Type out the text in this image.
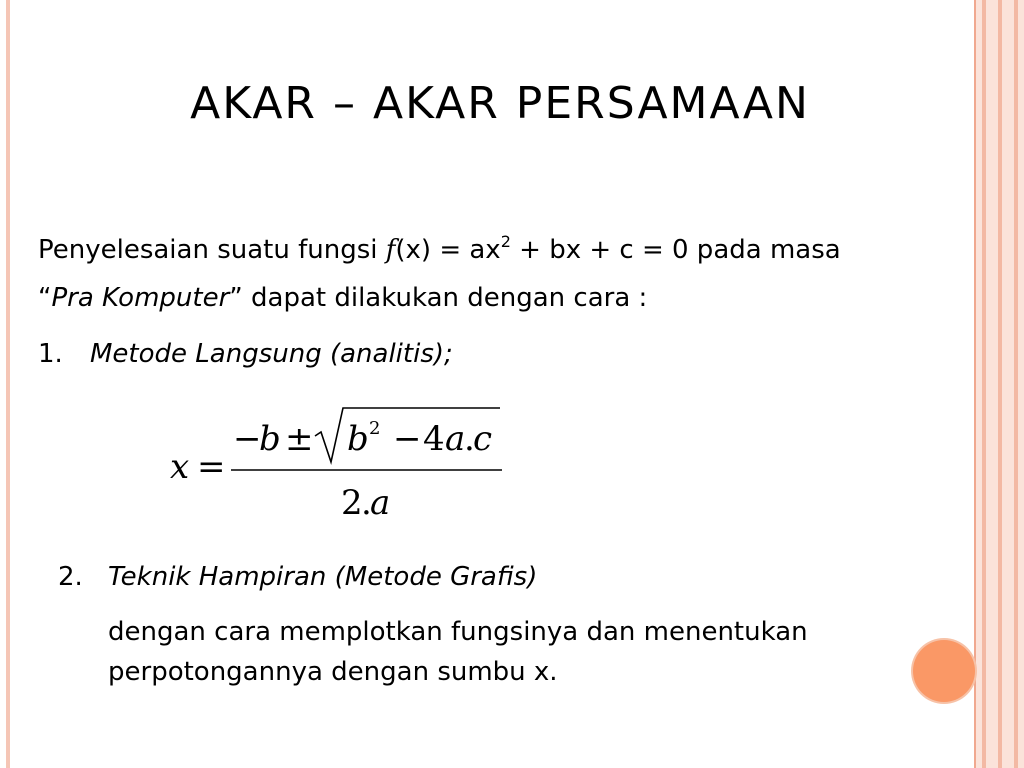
AKAR – AKAR PERSAMAAN
Penyelesaian suatu fungsi $f(x) = ax^2$ + bx + c = 0 pada masa
“Pra Komputer” dapat dilakukan dengan cara :
1. Metode Langsung (analitis);
x =
−
b ± b 2 − 4 a
.
c
2
.
a
2. Teknik Hampiran (Metode Grafis)
dengan cara memplotkan fungsinya dan menentukan perpotongannya dengan sumbu x.
